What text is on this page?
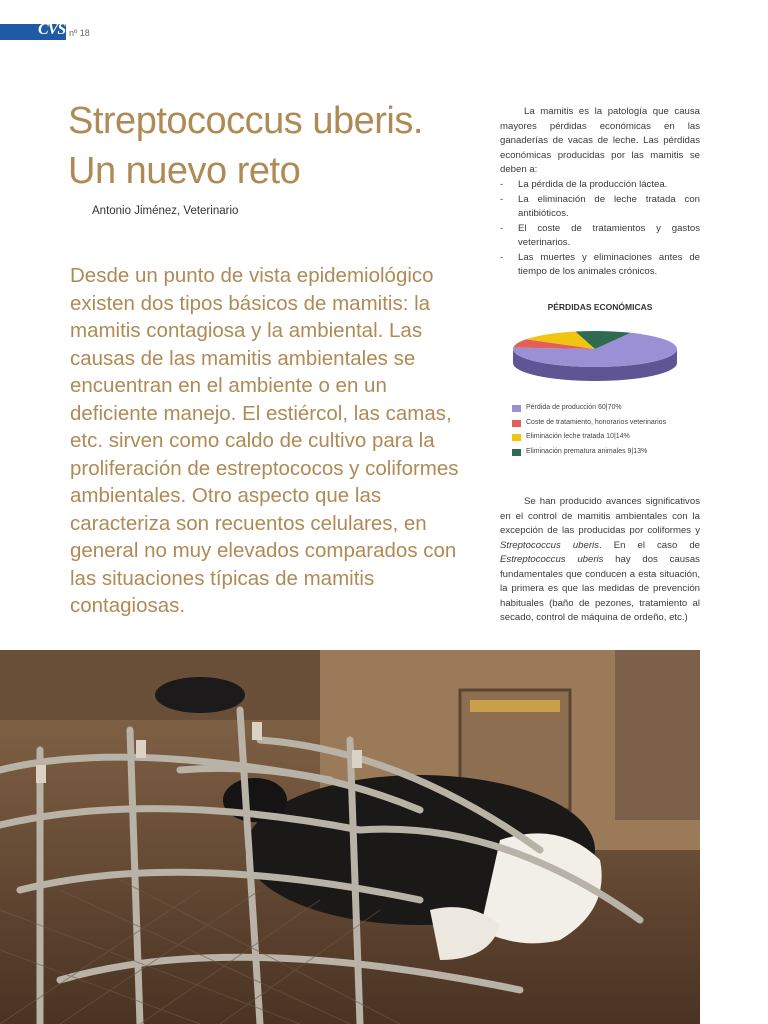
CVS nº 18
Streptococcus uberis.
Un nuevo reto
Antonio Jiménez, Veterinario
Desde un punto de vista epidemiológico existen dos tipos básicos de mamitis: la mamitis contagiosa y la ambiental. Las causas de las mamitis ambientales se encuentran en el ambiente o en un deficiente manejo. El estiércol, las camas, etc. sirven como caldo de cultivo para la proliferación de estreptococos y coliformes ambientales. Otro aspecto que las caracteriza son recuentos celulares, en general no muy elevados comparados con las situaciones típicas de mamitis contagiosas.
La mamitis es la patología que causa mayores pérdidas económicas en las ganaderías de vacas de leche. Las pérdidas económicas producidas por las mamitis se deben a:
- La pérdida de la producción láctea.
- La eliminación de leche tratada con antibióticos.
- El coste de tratamientos y gastos veterinarios.
- Las muertes y eliminaciones antes de tiempo de los animales crónicos.
PÉRDIDAS ECONÓMICAS
Pérdida de producción 60|70%
Coste de tratamiento, honorarios veterinarios
Eliminación leche tratada 10|14%
Eliminación prematura animales 9|13%
Se han producido avances significativos en el control de mamitis ambientales con la excepción de las producidas por coliformes y Streptococcus uberis. En el caso de Estreptococcus uberis hay dos causas fundamentales que conducen a esta situación, la primera es que las medidas de prevención habituales (baño de pezones, tratamiento al secado, control de máquina de ordeño, etc.)
